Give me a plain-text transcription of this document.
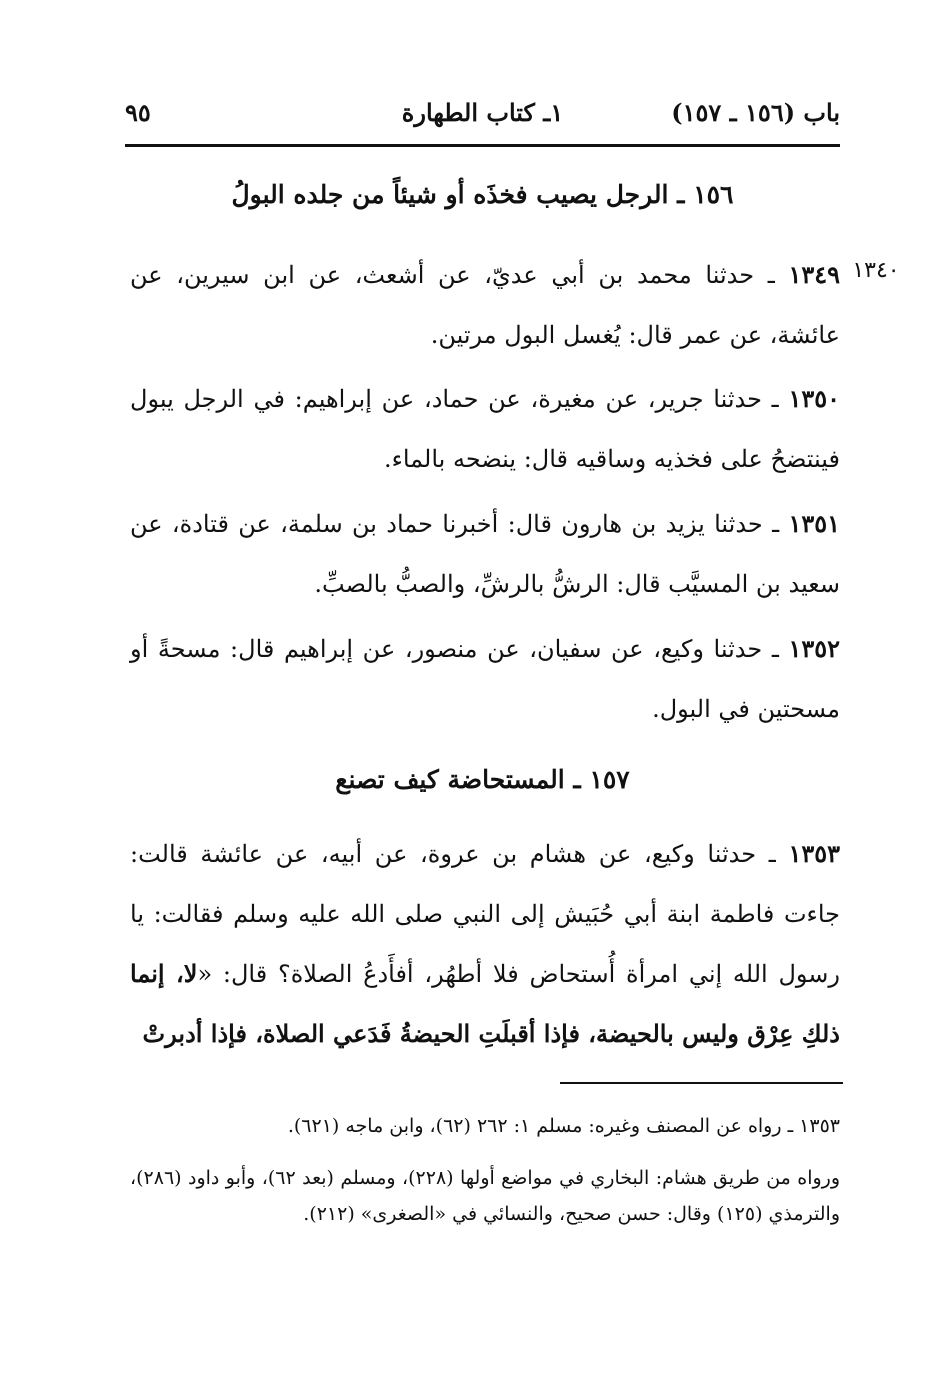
باب (١٥٦ ـ ١٥٧)
١ـ كتاب الطهارة
٩٥
١٣٤٠
١٥٦ ـ الرجل يصيب فخذَه أو شيئاً من جلده البولُ
١٣٤٩ ـ حدثنا محمد بن أبي عديّ، عن أشعث، عن ابن سيرين، عن عائشة، عن عمر قال: يُغسل البول مرتين.
١٣٥٠ ـ حدثنا جرير، عن مغيرة، عن حماد، عن إبراهيم: في الرجل يبول فينتضحُ على فخذيه وساقيه قال: ينضحه بالماء.
١٣٥١ ـ حدثنا يزيد بن هارون قال: أخبرنا حماد بن سلمة، عن قتادة، عن سعيد بن المسيَّب قال: الرشُّ بالرشِّ، والصبُّ بالصبِّ.
١٣٥٢ ـ حدثنا وكيع، عن سفيان، عن منصور، عن إبراهيم قال: مسحةً أو مسحتين في البول.
١٥٧ ـ المستحاضة كيف تصنع
١٣٥٣ ـ حدثنا وكيع، عن هشام بن عروة، عن أبيه، عن عائشة قالت: جاءت فاطمة ابنة أبي حُبَيش إلى النبي صلى الله عليه وسلم فقالت: يا رسول الله إني امرأة أُستحاض فلا أطهُر، أفأَدعُ الصلاة؟ قال: «لا، إنما ذلكِ عِرْق وليس بالحيضة، فإذا أقبلَتِ الحيضةُ فَدَعي الصلاة، فإذا أدبرتْ
١٣٥٣ ـ رواه عن المصنف وغيره: مسلم ١: ٢٦٢ (٦٢)، وابن ماجه (٦٢١).
ورواه من طريق هشام: البخاري في مواضع أولها (٢٢٨)، ومسلم (بعد ٦٢)، وأبو داود (٢٨٦)، والترمذي (١٢٥) وقال: حسن صحيح، والنسائي في «الصغرى» (٢١٢).
